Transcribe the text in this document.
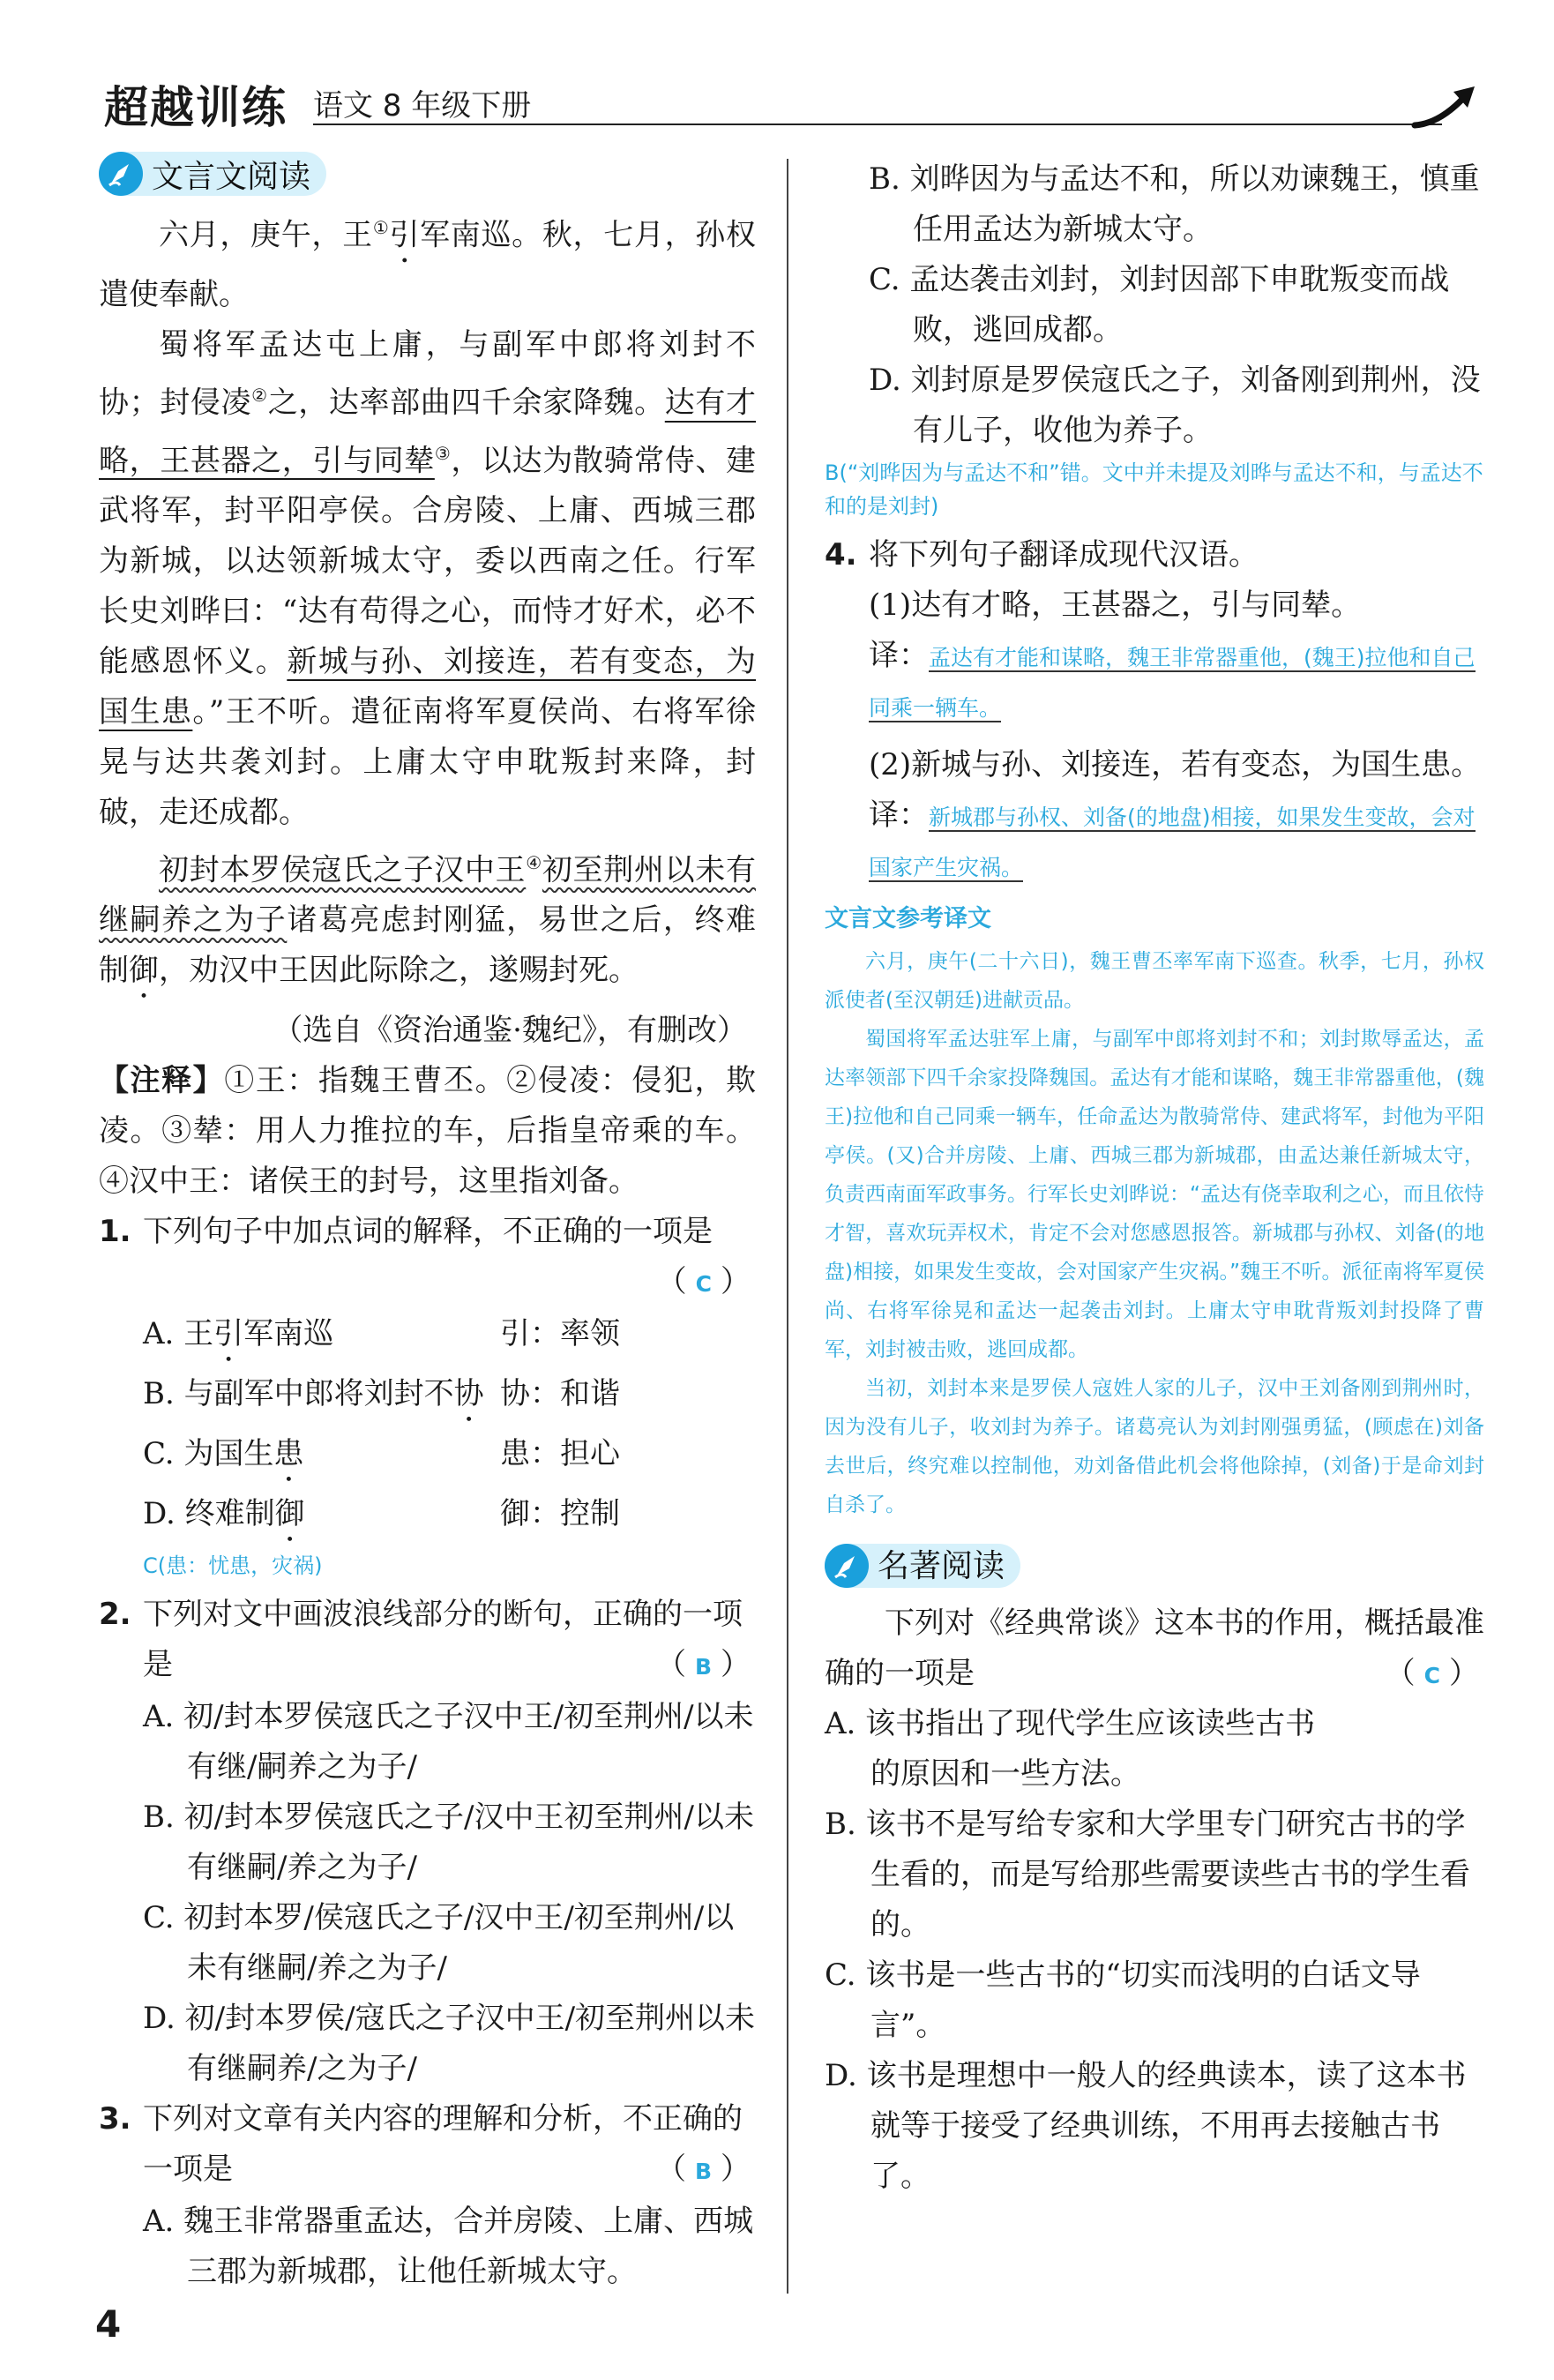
超越训练 语文 8 年级下册
文言文阅读

六月，庚午，王①引军南巡。秋，七月，孙权遣使奉献。

蜀将军孟达屯上庸，与副军中郎将刘封不协；封侵凌②之，达率部曲四千余家降魏。达有才略，王甚器之，引与同辇③，以达为散骑常侍、建武将军，封平阳亭侯。合房陵、上庸、西城三郡为新城，以达领新城太守，委以西南之任。行军长史刘晔曰：“达有苟得之心，而恃才好术，必不能感恩怀义。新城与孙、刘接连，若有变态，为国生患。”王不听。遣征南将军夏侯尚、右将军徐晃与达共袭刘封。上庸太守申耽叛封来降，封破，走还成都。

初封本罗侯寇氏之子汉中王④初至荆州以未有继嗣养之为子诸葛亮虑封刚猛，易世之后，终难制御，劝汉中王因此际除之，遂赐封死。

（选自《资治通鉴·魏纪》，有删改）

【注释】①王：指魏王曹丕。②侵凌：侵犯，欺凌。③辇：用人力推拉的车，后指皇帝乘的车。④汉中王：诸侯王的封号，这里指刘备。

1. 下列句子中加点词的解释，不正确的一项是
（ C ）
A. 王引军南巡	引：率领
B. 与副军中郎将刘封不协 协：和谐
C. 为国生患	患：担心
D. 终难制御	御：控制

C(患：忧患，灾祸)

2. 下列对文中画波浪线部分的断句，正确的一项是	（ B ）

A. 初/封本罗侯寇氏之子汉中王/初至荆州/以未有继/嗣养之为子/

B. 初/封本罗侯寇氏之子/汉中王初至荆州/以未有继嗣/养之为子/

C. 初封本罗/侯寇氏之子/汉中王/初至荆州/以未有继嗣/养之为子/

D. 初/封本罗侯/寇氏之子汉中王/初至荆州以未有继嗣养/之为子/

3. 下列对文章有关内容的理解和分析，不正确的一项是	（ B ）

A. 魏王非常器重孟达，合并房陵、上庸、西城三郡为新城郡，让他任新城太守。

B. 刘晔因为与孟达不和，所以劝谏魏王，慎重任用孟达为新城太守。

C. 孟达袭击刘封，刘封因部下申耽叛变而战败，逃回成都。

D. 刘封原是罗侯寇氏之子，刘备刚到荆州，没有儿子，收他为养子。

B(“刘晔因为与孟达不和”错。文中并未提及刘晔与孟达不和，与孟达不和的是刘封)

4. 将下列句子翻译成现代汉语。

(1)达有才略，王甚器之，引与同辇。

译：孟达有才能和谋略，魏王非常器重他，(魏王)拉他和自己同乘一辆车。

(2)新城与孙、刘接连，若有变态，为国生患。

译：新城郡与孙权、刘备(的地盘)相接，如果发生变故，会对国家产生灾祸。

文言文参考译文

六月，庚午(二十六日)，魏王曹丕率军南下巡查。秋季，七月，孙权派使者(至汉朝廷)进献贡品。

蜀国将军孟达驻军上庸，与副军中郎将刘封不和；刘封欺辱孟达，孟达率领部下四千余家投降魏国。孟达有才能和谋略，魏王非常器重他，(魏王)拉他和自己同乘一辆车，任命孟达为散骑常侍、建武将军，封他为平阳亭侯。(又)合并房陵、上庸、西城三郡为新城郡，由孟达兼任新城太守，负责西南面军政事务。行军长史刘晔说：“孟达有侥幸取利之心，而且依恃才智，喜欢玩弄权术，肯定不会对您感恩报答。新城郡与孙权、刘备(的地盘)相接，如果发生变故，会对国家产生灾祸。”魏王不听。派征南将军夏侯尚、右将军徐晃和孟达一起袭击刘封。上庸太守申耽背叛刘封投降了曹军，刘封被击败，逃回成都。

当初，刘封本来是罗侯人寇姓人家的儿子，汉中王刘备刚到荆州时，因为没有儿子，收刘封为养子。诸葛亮认为刘封刚强勇猛，(顾虑在)刘备去世后，终究难以控制他，劝刘备借此机会将他除掉，(刘备)于是命刘封自杀了。

名著阅读

下列对《经典常谈》这本书的作用，概括最准确的一项是	（ C ）

A. 该书指出了现代学生应该读些古书的原因和一些方法。

B. 该书不是写给专家和大学里专门研究古书的学生看的，而是写给那些需要读些古书的学生看的。

C. 该书是一些古书的“切实而浅明的白话文导言”。

D. 该书是理想中一般人的经典读本，读了这本书就等于接受了经典训练，不用再去接触古书了。

4
